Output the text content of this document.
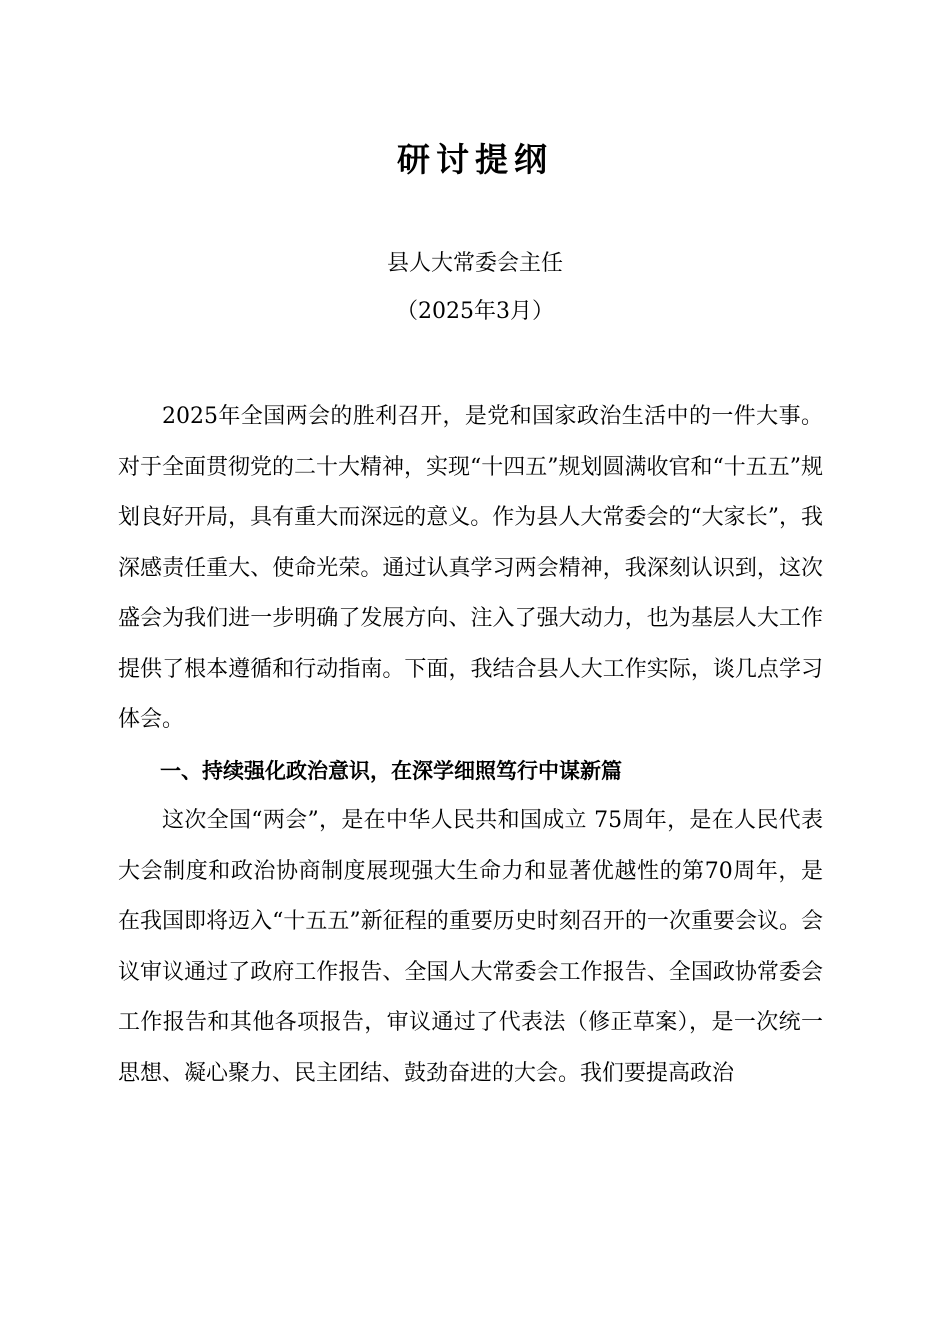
研讨提纲
县人大常委会主任
（2025年3月）

2025年全国两会的胜利召开，是党和国家政治生活中的一件大事。对于全面贯彻党的二十大精神，实现“十四五”规划圆满收官和“十五五”规划良好开局，具有重大而深远的意义。作为县人大常委会的“大家长”，我深感责任重大、使命光荣。通过认真学习两会精神，我深刻认识到，这次盛会为我们进一步明确了发展方向、注入了强大动力，也为基层人大工作提供了根本遵循和行动指南。下面，我结合县人大工作实际，谈几点学习体会。

一、持续强化政治意识，在深学细照笃行中谋新篇

这次全国“两会”，是在中华人民共和国成立 75周年，是在人民代表大会制度和政治协商制度展现强大生命力和显著优越性的第70周年，是在我国即将迈入“十五五”新征程的重要历史时刻召开的一次重要会议。会议审议通过了政府工作报告、全国人大常委会工作报告、全国政协常委会工作报告和其他各项报告，审议通过了代表法（修正草案），是一次统一思想、凝心聚力、民主团结、鼓劲奋进的大会。我们要提高政治
